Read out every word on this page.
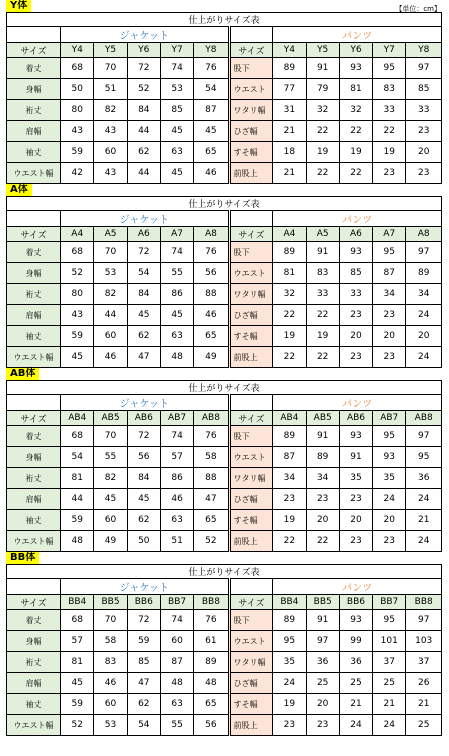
【単位：cm】
Y体
仕上がりサイズ表											
	ジャケット						パンツ				
サイズ	Y4	Y5	Y6	Y7	Y8	サイズ	Y4	Y5	Y6	Y7	Y8
着丈	68	70	72	74	76	股下	89	91	93	95	97
身幅	50	51	52	53	54	ウエスト	77	79	81	83	85
裄丈	80	82	84	85	87	ワタリ幅	31	32	32	33	33
肩幅	43	43	44	45	45	ひざ幅	21	22	22	22	23
袖丈	59	60	62	63	65	すそ幅	18	19	19	19	20
ウエスト幅	42	43	44	45	46	前股上	21	22	22	23	23
A体
仕上がりサイズ表											
	ジャケット						パンツ				
サイズ	A4	A5	A6	A7	A8	サイズ	A4	A5	A6	A7	A8
着丈	68	70	72	74	76	股下	89	91	93	95	97
身幅	52	53	54	55	56	ウエスト	81	83	85	87	89
裄丈	80	82	84	86	88	ワタリ幅	32	33	33	34	34
肩幅	43	44	45	45	46	ひざ幅	22	22	23	23	24
袖丈	59	60	62	63	65	すそ幅	19	19	20	20	20
ウエスト幅	45	46	47	48	49	前股上	22	22	23	23	24
AB体
仕上がりサイズ表											
	ジャケット						パンツ				
サイズ	AB4	AB5	AB6	AB7	AB8	サイズ	AB4	AB5	AB6	AB7	AB8
着丈	68	70	72	74	76	股下	89	91	93	95	97
身幅	54	55	56	57	58	ウエスト	87	89	91	93	95
裄丈	81	82	84	86	88	ワタリ幅	34	34	35	35	36
肩幅	44	45	45	46	47	ひざ幅	23	23	23	24	24
袖丈	59	60	62	63	65	すそ幅	19	20	20	20	21
ウエスト幅	48	49	50	51	52	前股上	22	22	23	23	24
BB体
仕上がりサイズ表											
	ジャケット						パンツ				
サイズ	BB4	BB5	BB6	BB7	BB8	サイズ	BB4	BB5	BB6	BB7	BB8
着丈	68	70	72	74	76	股下	89	91	93	95	97
身幅	57	58	59	60	61	ウエスト	95	97	99	101	103
裄丈	81	83	85	87	89	ワタリ幅	35	36	36	37	37
肩幅	45	46	47	48	48	ひざ幅	24	25	25	25	26
袖丈	59	60	62	63	65	すそ幅	19	20	21	21	21
ウエスト幅	52	53	54	55	56	前股上	23	23	24	24	25
